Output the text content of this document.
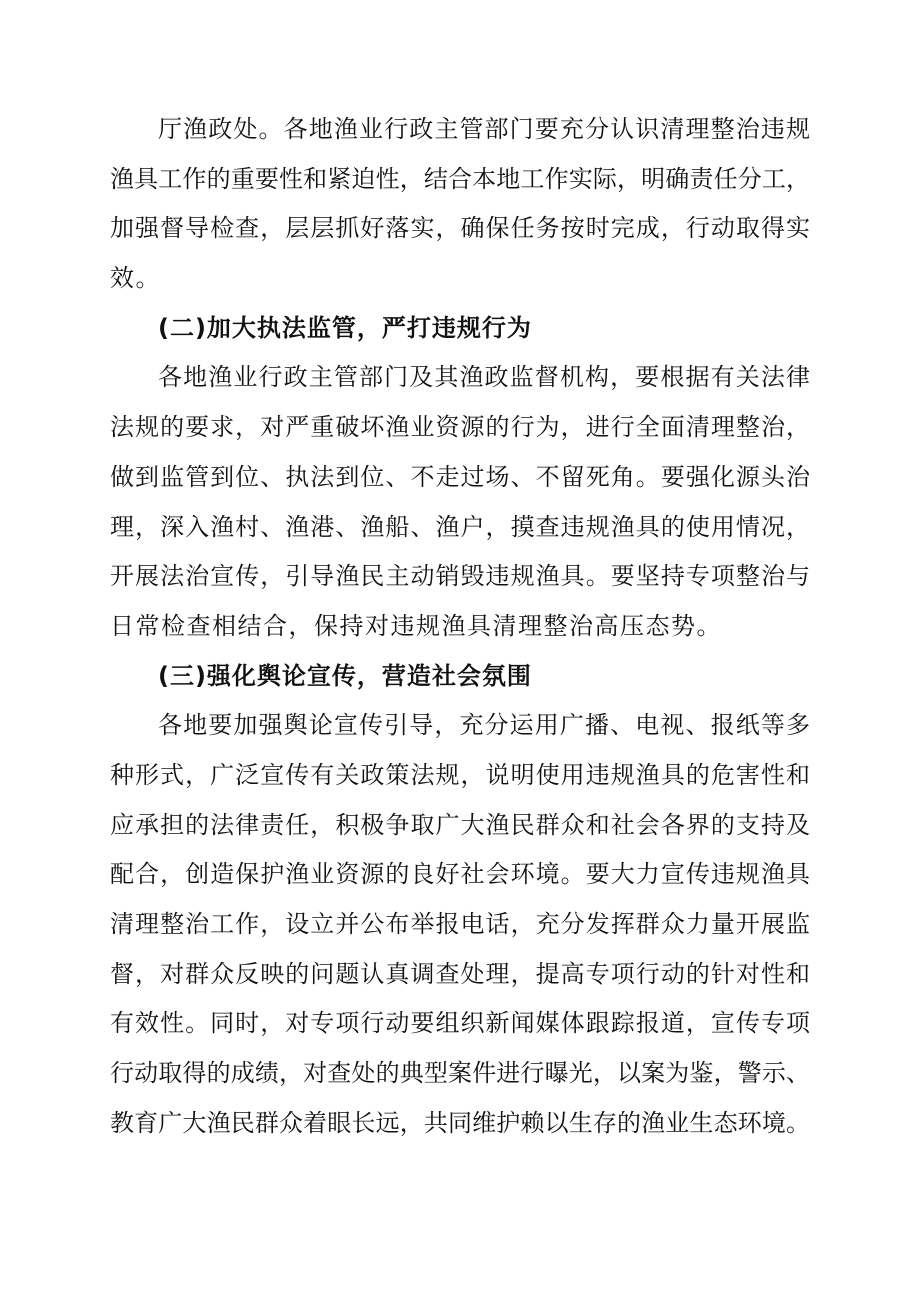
厅渔政处。各地渔业行政主管部门要充分认识清理整治违规
渔具工作的重要性和紧迫性，结合本地工作实际，明确责任分工，
加强督导检查，层层抓好落实，确保任务按时完成，行动取得实
效。
(二)加大执法监管，严打违规行为
各地渔业行政主管部门及其渔政监督机构，要根据有关法律
法规的要求，对严重破坏渔业资源的行为，进行全面清理整治，
做到监管到位、执法到位、不走过场、不留死角。要强化源头治
理，深入渔村、渔港、渔船、渔户，摸查违规渔具的使用情况，
开展法治宣传，引导渔民主动销毁违规渔具。要坚持专项整治与
日常检查相结合，保持对违规渔具清理整治高压态势。
(三)强化舆论宣传，营造社会氛围
各地要加强舆论宣传引导，充分运用广播、电视、报纸等多
种形式，广泛宣传有关政策法规，说明使用违规渔具的危害性和
应承担的法律责任，积极争取广大渔民群众和社会各界的支持及
配合，创造保护渔业资源的良好社会环境。要大力宣传违规渔具
清理整治工作，设立并公布举报电话，充分发挥群众力量开展监
督，对群众反映的问题认真调查处理，提高专项行动的针对性和
有效性。同时，对专项行动要组织新闻媒体跟踪报道，宣传专项
行动取得的成绩，对查处的典型案件进行曝光，以案为鉴，警示、
教育广大渔民群众着眼长远，共同维护赖以生存的渔业生态环境。
